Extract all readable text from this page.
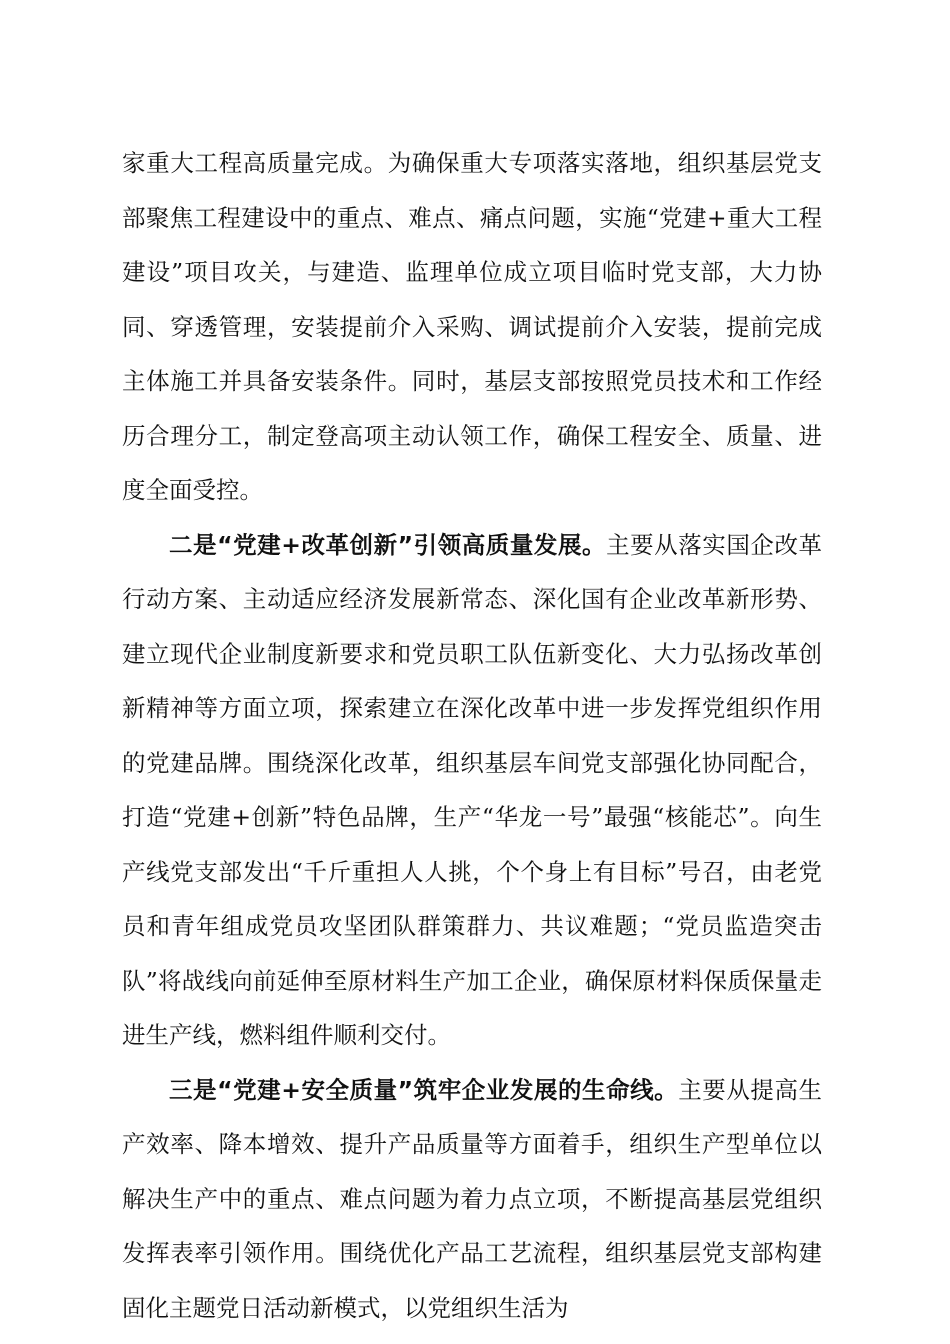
家重大工程高质量完成。为确保重大专项落实落地，组织基层党支部聚焦工程建设中的重点、难点、痛点问题，实施“党建+重大工程建设”项目攻关，与建造、监理单位成立项目临时党支部，大力协同、穿透管理，安装提前介入采购、调试提前介入安装，提前完成主体施工并具备安装条件。同时，基层支部按照党员技术和工作经历合理分工，制定登高项主动认领工作，确保工程安全、质量、进度全面受控。

二是“党建+改革创新”引领高质量发展。主要从落实国企改革行动方案、主动适应经济发展新常态、深化国有企业改革新形势、建立现代企业制度新要求和党员职工队伍新变化、大力弘扬改革创新精神等方面立项，探索建立在深化改革中进一步发挥党组织作用的党建品牌。围绕深化改革，组织基层车间党支部强化协同配合，打造“党建+创新”特色品牌，生产“华龙一号”最强“核能芯”。向生产线党支部发出“千斤重担人人挑，个个身上有目标”号召，由老党员和青年组成党员攻坚团队群策群力、共议难题；“党员监造突击队”将战线向前延伸至原材料生产加工企业，确保原材料保质保量走进生产线，燃料组件顺利交付。

三是“党建+安全质量”筑牢企业发展的生命线。主要从提高生产效率、降本增效、提升产品质量等方面着手，组织生产型单位以解决生产中的重点、难点问题为着力点立项，不断提高基层党组织发挥表率引领作用。围绕优化产品工艺流程，组织基层党支部构建固化主题党日活动新模式，以党组织生活为
